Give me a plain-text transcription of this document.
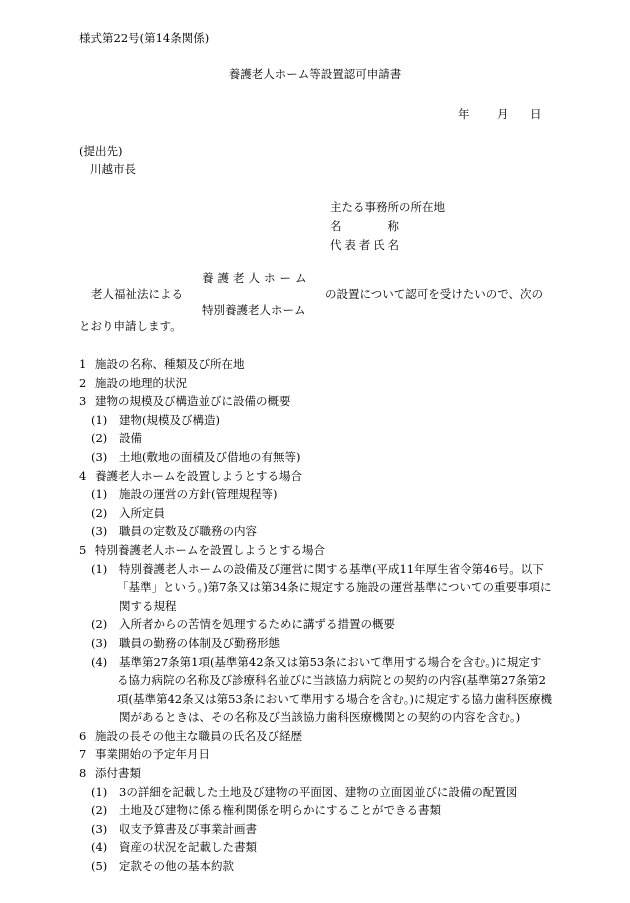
様式第22号(第14条関係)
養護老人ホーム等設置認可申請書
年 月 日
(提出先)
川越市長
主たる事務所の所在地
名 称
代表者氏名
養護老人ホーム
老人福祉法による
特別養護老人ホーム
の設置について認可を受けたいので、次の
とおり申請します。
1 施設の名称、種類及び所在地
2 施設の地理的状況
3 建物の規模及び構造並びに設備の概要
(1) 建物(規模及び構造)
(2) 設備
(3) 土地(敷地の面積及び借地の有無等)
4 養護老人ホームを設置しようとする場合
(1) 施設の運営の方針(管理規程等)
(2) 入所定員
(3) 職員の定数及び職務の内容
5 特別養護老人ホームを設置しようとする場合
(1) 特別養護老人ホームの設備及び運営に関する基準(平成11年厚生省令第46号。以下
「基準」という。)第7条又は第34条に規定する施設の運営基準についての重要事項に
関する規程
(2) 入所者からの苦情を処理するために講ずる措置の概要
(3) 職員の勤務の体制及び勤務形態
(4) 基準第27条第1項(基準第42条又は第53条において準用する場合を含む。)に規定す
る協力病院の名称及び診療科名並びに当該協力病院との契約の内容(基準第27条第2
項(基準第42条又は第53条において準用する場合を含む。)に規定する協力歯科医療機
関があるときは、その名称及び当該協力歯科医療機関との契約の内容を含む。)
6 施設の長その他主な職員の氏名及び経歴
7 事業開始の予定年月日
8 添付書類
(1) 3の詳細を記載した土地及び建物の平面図、建物の立面図並びに設備の配置図
(2) 土地及び建物に係る権利関係を明らかにすることができる書類
(3) 収支予算書及び事業計画書
(4) 資産の状況を記載した書類
(5) 定款その他の基本約款
